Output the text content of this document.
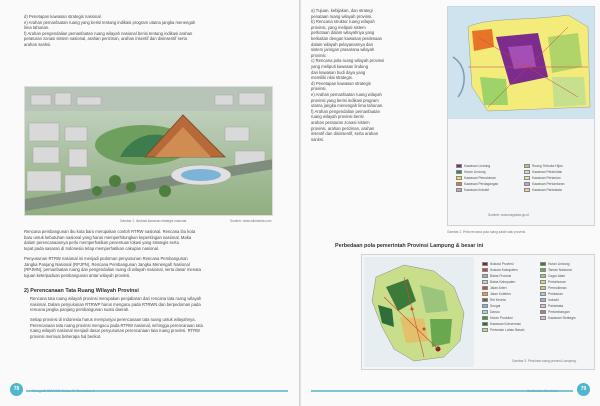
d) Penetapan kawasan strategis nasional.
e) Arahan pemanfaatan ruang yang berisi tentang indikasi program utama jangka menengah
lima tahunan.
f) Arahan pengendalian pemanfaatan ruang wilayah nasional berisi tentang indikasi arahan
peraturan zonasi sistem nasional, arahan perizinan, arahan insentif dan disinsentif serta
arahan sanksi.
Gambar 1. Ilustrasi kawasan strategis nasional.	Sumber: www.wikimedia.com
Rencana pembangunan ibu kota baru merupakan contoh RTRW nasional. Rencana ibu kota
baru untuk kebutuhan nasional yang harus memperhitungkan kepentingan nasional. Maka
dalam perencanaannya perlu memperhatikan penentuan lokasi yang strategis serta
tepat pada sasaran di Indonesia tetap memperhatikan cakupan nasional.
Penyusunan RTRW nasional ini menjadi pedoman penyusunan Rencana Pembangunan
Jangka Panjang Nasional (RPJPN), Rencana Pembangunan Jangka Menengah Nasional
(RPJMN), pemanfaatan ruang dan pengendalian ruang di wilayah nasional, serta dasar menata
tujuan keterpaduan pembangunan antar wilayah provinsi.
2) Perencanaan Tata Ruang Wilayah Provinsi
Rencana tata ruang wilayah provinsi merupakan penjabaran dari rencana tata ruang wilayah
nasional. Dalam penyusunan RTRWP harus mengacu pada RTRWN dan berpedoman pada
rencana jangka panjang pembangunan suatu daerah.
Setiap provinsi di Indonesia harus mempunyai perencanaan tata ruang untuk wilayahnya.
Perencanaan tata ruang provinsi mengacu pada RTRW nasional, sehingga perencanaan tata
ruang wilayah nasional menjadi dasar penyusunan perencanaan tata ruang provinsi. RTRW
provinsi memuat beberapa hal berikut.
78	Geografi SMA/MA Kelas XI Semester 1
a) Tujuan, kebijakan, dan strategi
penataan ruang wilayah provinsi.
b) Rencana struktur ruang wilayah
provinsi, yang meliputi sistem
perkotaan dalam wilayahnya yang
berkaitan dengan kawasan perdesaan
dalam wilayah pelayanannya dan
sistem jaringan prasarana wilayah
provinsi.
c) Rencana pola ruang wilayah provinsi
yang meliputi kawasan lindung
dan kawasan budi daya yang
memiliki nilai strategis.
d) Penetapan kawasan strategis
provinsi.
e) Arahan pemanfaatan ruang wilayah
provinsi yang berisi indikasi program
utama jangka menengah lima tahunan.
f) Arahan pengendalian pemanfaatan
ruang wilayah provinsi berisi
arahan peraturan zonasi sistem
provinsi, arahan perizinan, arahan
insentif dan disinsentif, serta arahan
sanksi.
Kawasan Lindung
Hutan Lindung
Kawasan Pemukiman
Kawasan Perdagangan
Kawasan Industri
Ruang Terbuka Hijau
Kawasan Pelabuhan
Kawasan Pertanian
Kawasan Perkantoran
Kawasan Pariwisata
Sumber: www.bappeda.go.id
Gambar 2. Peta rencana pola ruang salah satu provinsi.
Perbedaan pola pemerintah Provinsi Lampung & besar ini
Ibukota Provinsi
Ibukota Kabupaten
Batas Provinsi
Batas Kabupaten
Jalan Arteri
Jalan Kolektor
Rel Kereta
Sungai
Danau
Hutan Produksi
Kawasan Konservasi
Pertanian Lahan Basah
Hutan Lindung
Taman Nasional
Cagar Alam
Perkebunan
Permukiman
Perikanan
Industri
Pariwisata
Pertambangan
Kawasan Strategis
Gambar 3. Peta tata ruang provinsi Lampung.
79
Kurikulum Merdeka
